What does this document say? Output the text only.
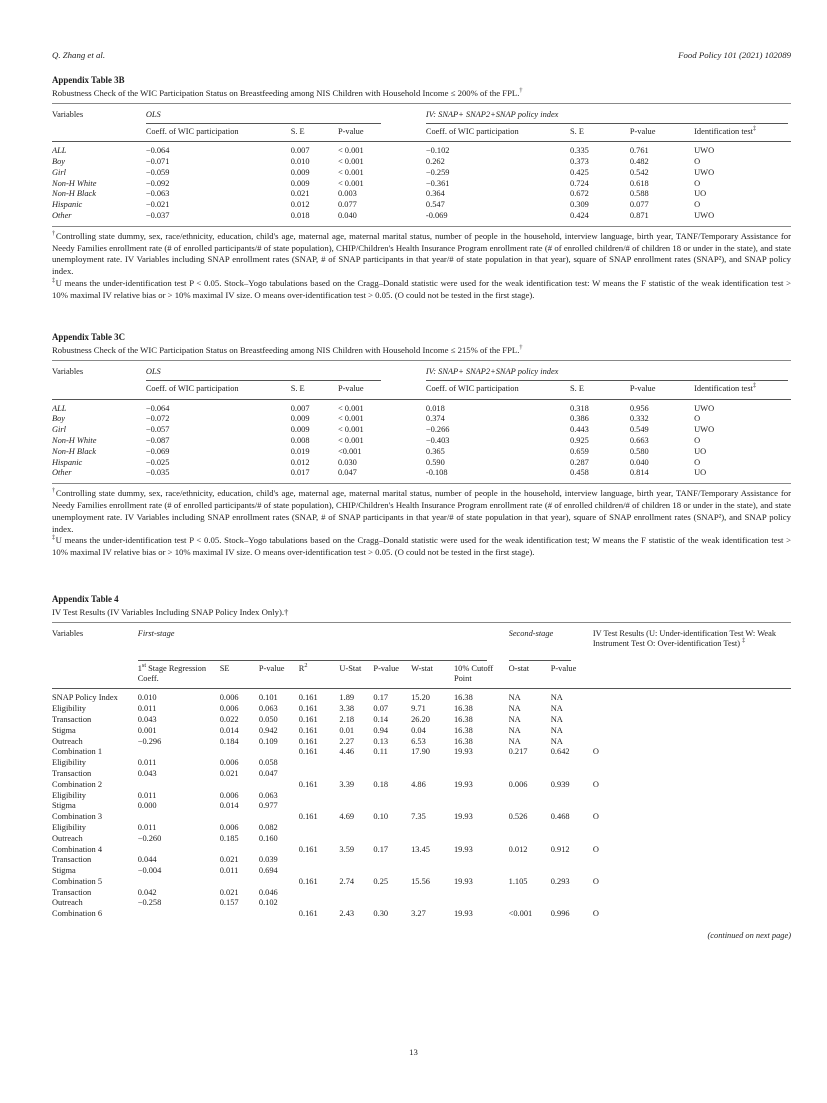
Q. Zhang et al.	Food Policy 101 (2021) 102089
Appendix Table 3B
Robustness Check of the WIC Participation Status on Breastfeeding among NIS Children with Household Income ≤ 200% of the FPL.†
Variables	OLS			IV: SNAP+ SNAP2+SNAP policy index			

	Coeff. of WIC participation	S. E	P-value	Coeff. of WIC participation	S. E	P-value	Identification test‡
ALL	−0.064	0.007	< 0.001	−0.102	0.335	0.761	UWO
Boy	−0.071	0.010	< 0.001	0.262	0.373	0.482	O
Girl	−0.059	0.009	< 0.001	−0.259	0.425	0.542	UWO
Non-H White	−0.092	0.009	< 0.001	−0.361	0.724	0.618	O
Non-H Black	−0.063	0.021	0.003	0.364	0.672	0.588	UO
Hispanic	−0.021	0.012	0.077	0.547	0.309	0.077	O
Other	−0.037	0.018	0.040	-0.069	0.424	0.871	UWO

†Controlling state dummy, sex, race/ethnicity, education, child's age, maternal age, maternal marital status, number of people in the household, interview language, birth year, TANF/Temporary Assistance for Needy Families enrollment rate (# of enrolled participants/# of state population), CHIP/Children's Health Insurance Program enrollment rate (# of enrolled children/# of children 18 or under in the state), and state unemployment rate. IV Variables including SNAP enrollment rates (SNAP, # of SNAP participants in that year/# of state population in that year), square of SNAP enrollment rates (SNAP²), and SNAP policy index.

‡U means the under-identification test P < 0.05. Stock–Yogo tabulations based on the Cragg–Donald statistic were used for the weak identification test: W means the F statistic of the weak identification test > 10% maximal IV relative bias or > 10% maximal IV size. O means over-identification test > 0.05. (O could not be tested in the first stage).

Appendix Table 3C
Robustness Check of the WIC Participation Status on Breastfeeding among NIS Children with Household Income ≤ 215% of the FPL.†
Variables	OLS			IV: SNAP+ SNAP2+SNAP policy index			

	Coeff. of WIC participation	S. E	P-value	Coeff. of WIC participation	S. E	P-value	Identification test‡
ALL	−0.064	0.007	< 0.001	0.018	0.318	0.956	UWO
Boy	−0.072	0.009	< 0.001	0.374	0.386	0.332	O
Girl	−0.057	0.009	< 0.001	−0.266	0.443	0.549	UWO
Non-H White	−0.087	0.008	< 0.001	−0.403	0.925	0.663	O
Non-H Black	−0.069	0.019	<0.001	0.365	0.659	0.580	UO
Hispanic	−0.025	0.012	0.030	0.590	0.287	0.040	O
Other	−0.035	0.017	0.047	-0.108	0.458	0.814	UO

†Controlling state dummy, sex, race/ethnicity, education, child's age, maternal age, maternal marital status, number of people in the household, interview language, birth year, TANF/Temporary Assistance for Needy Families enrollment rate (# of enrolled participants/# of state population), CHIP/Children's Health Insurance Program enrollment rate (# of enrolled children/# of children 18 or under in the state), and state unemployment rate. IV Variables including SNAP enrollment rates (SNAP, # of SNAP participants in that year/# of state population in that year), square of SNAP enrollment rates (SNAP²), and SNAP policy index.

‡U means the under-identification test P < 0.05. Stock–Yogo tabulations based on the Cragg–Donald statistic were used for the weak identification test; W means the F statistic of the weak identification test > 10% maximal IV relative bias or > 10% maximal IV size. O means over-identification test > 0.05. (O could not be tested in the first stage).

Appendix Table 4
IV Test Results (IV Variables Including SNAP Policy Index Only).†
Variables	First-stage								Second-stage		IV Test Results (U: Under-identification Test W: Weak Instrument Test O: Over-identification Test) ‡
	1st Stage Regression Coeff.	SE	P-value	$R^2$	U-Stat	P-value	W-stat	10% Cutoff Point	O-stat	P-value	
SNAP Policy Index	0.010	0.006	0.101	0.161	1.89	0.17	15.20	16.38	NA	NA	
Eligibility	0.011	0.006	0.063	0.161	3.38	0.07	9.71	16.38	NA	NA	
Transaction	0.043	0.022	0.050	0.161	2.18	0.14	26.20	16.38	NA	NA	
Stigma	0.001	0.014	0.942	0.161	0.01	0.94	0.04	16.38	NA	NA	
Outreach	−0.296	0.184	0.109	0.161	2.27	0.13	6.53	16.38	NA	NA	
Combination 1				0.161	4.46	0.11	17.90	19.93	0.217	0.642	O
Eligibility	0.011	0.006	0.058								
Transaction	0.043	0.021	0.047								
Combination 2				0.161	3.39	0.18	4.86	19.93	0.006	0.939	O
Eligibility	0.011	0.006	0.063								
Stigma	0.000	0.014	0.977								
Combination 3				0.161	4.69	0.10	7.35	19.93	0.526	0.468	O
Eligibility	0.011	0.006	0.082								
Outreach	−0.260	0.185	0.160								
Combination 4				0.161	3.59	0.17	13.45	19.93	0.012	0.912	O
Transaction	0.044	0.021	0.039								
Stigma	−0.004	0.011	0.694								
Combination 5				0.161	2.74	0.25	15.56	19.93	1.105	0.293	O
Transaction	0.042	0.021	0.046								
Outreach	−0.258	0.157	0.102								
Combination 6				0.161	2.43	0.30	3.27	19.93	<0.001	0.996	O
(continued on next page)
13
